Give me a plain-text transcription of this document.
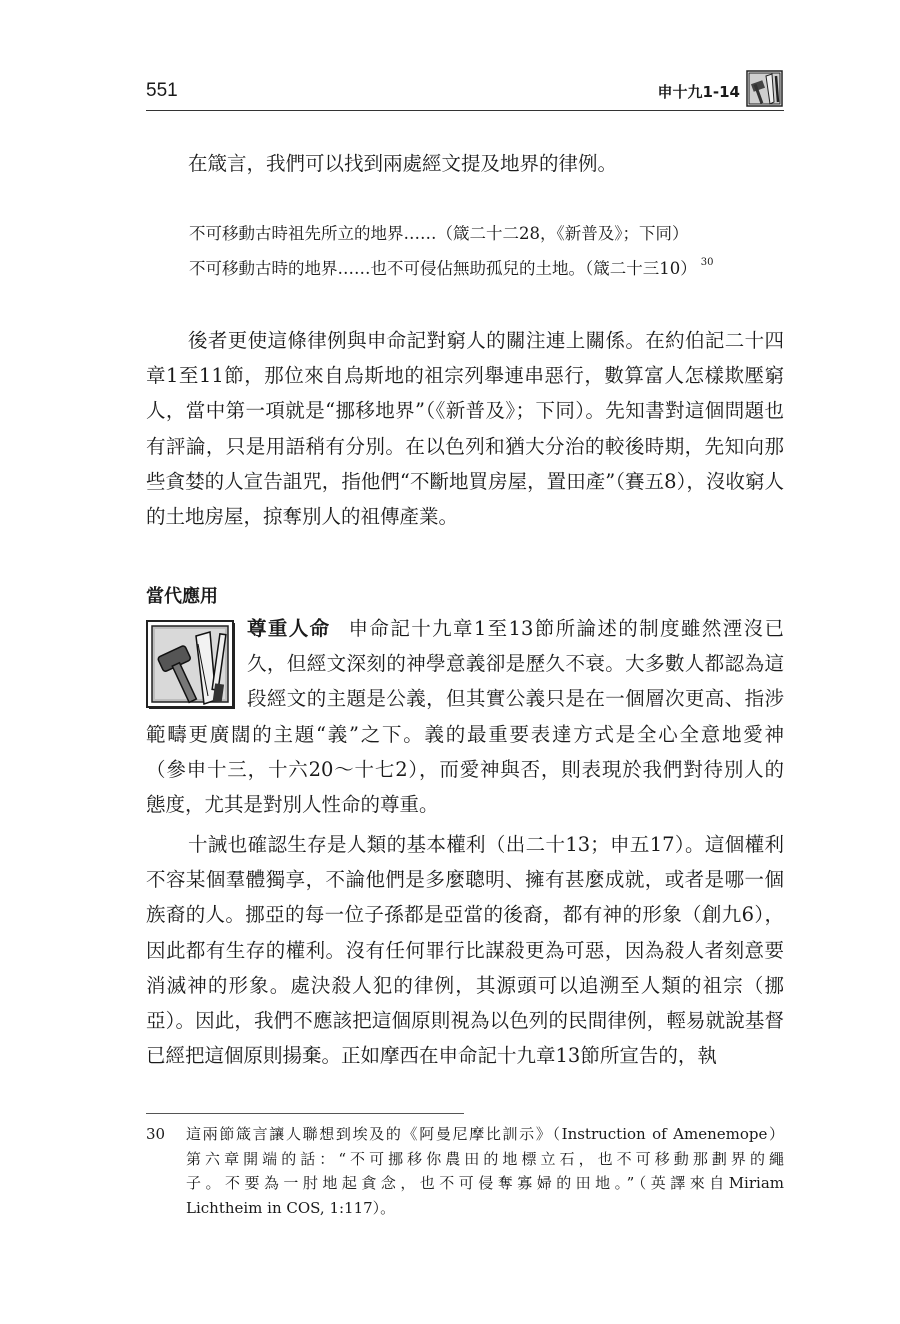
551	申十九1-14

在箴言，我們可以找到兩處經文提及地界的律例。

不可移動古時祖先所立的地界……（箴二十二28，《新普及》；下同）
不可移動古時的地界……也不可侵佔無助孤兒的土地。（箴二十三10） $^{30}$

後者更使這條律例與申命記對窮人的關注連上關係。在約伯記二十四章1至11節，那位來自烏斯地的祖宗列舉連串惡行，數算富人怎樣欺壓窮人，當中第一項就是“挪移地界”（《新普及》；下同）。先知書對這個問題也有評論，只是用語稍有分別。在以色列和猶大分治的較後時期，先知向那些貪婪的人宣告詛咒，指他們“不斷地買房屋，置田產”（賽五8），沒收窮人的土地房屋，掠奪別人的祖傳產業。

當代應用
尊重人命 申命記十九章1至13節所論述的制度雖然湮沒已
久，但經文深刻的神學意義卻是歷久不衰。大多數人都認為這
段經文的主題是公義，但其實公義只是在一個層次更高、指涉
範疇更廣闊的主題“義”之下。義的最重要表達方式是全心全意地愛神
（參申十三，十六20～十七2），而愛神與否，則表現於我們對待別人的
態度，尤其是對別人性命的尊重。

十誡也確認生存是人類的基本權利（出二十13；申五17）。這個權利不容某個羣體獨享，不論他們是多麼聰明、擁有甚麼成就，或者是哪一個族裔的人。挪亞的每一位子孫都是亞當的後裔，都有神的形象（創九6），因此都有生存的權利。沒有任何罪行比謀殺更為可惡，因為殺人者刻意要消滅神的形象。處決殺人犯的律例，其源頭可以追溯至人類的祖宗（挪亞）。因此，我們不應該把這個原則視為以色列的民間律例，輕易就說基督已經把這個原則揚棄。正如摩西在申命記十九章13節所宣告的，執

30 這兩節箴言讓人聯想到埃及的《阿曼尼摩比訓示》（Instruction of Amenemope）
第六章開端的話：“不可挪移你農田的地標立石，也不可移動那劃界的繩
子。不要為一肘地起貪念，也不可侵奪寡婦的田地。”（英譯來自Miriam
Lichtheim in COS, 1:117）。
